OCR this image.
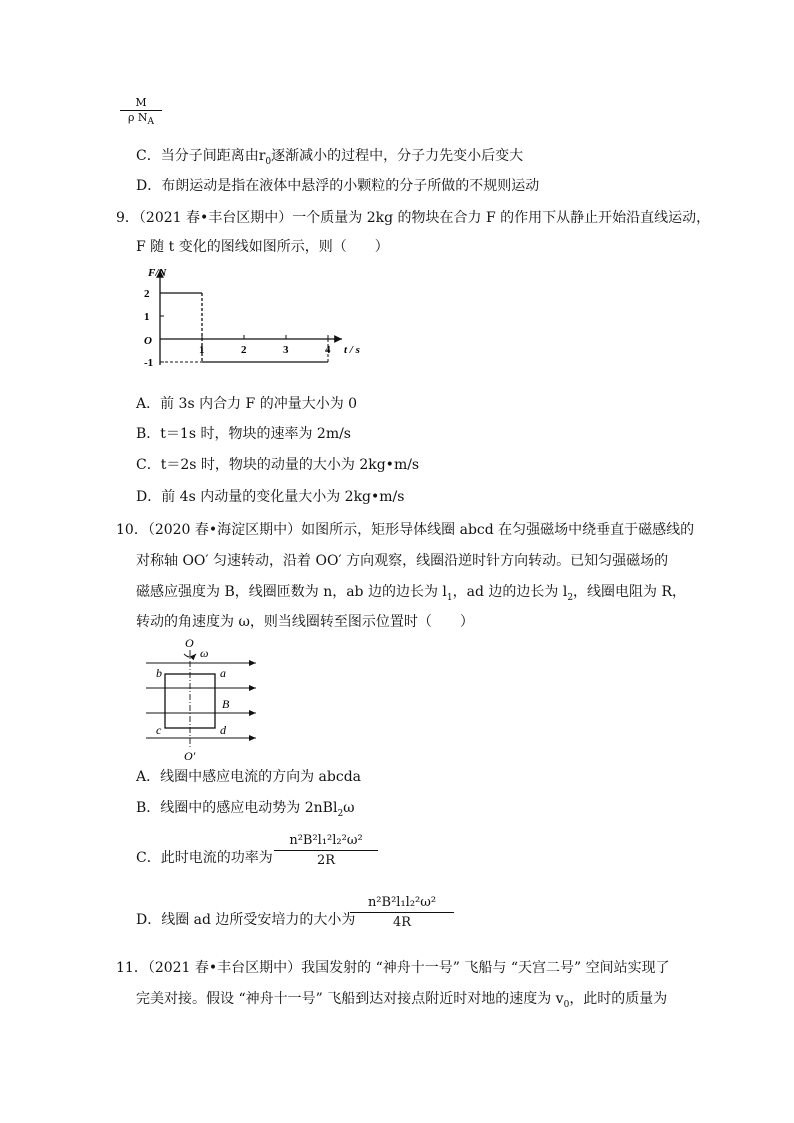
$\frac{M}{\rho N_A}$
C．当分子间距离由$r_0$逐渐减小的过程中，分子力先变小后变大
D．布朗运动是指在液体中悬浮的小颗粒的分子所做的不规则运动
9．（2021 春•丰台区期中）一个质量为 2kg 的物块在合力 F 的作用下从静止开始沿直线运动，
F 随 t 变化的图线如图所示，则（　　）
2
1
-1
1	2	3	4
O
F/N
t / s
A．前 3s 内合力 F 的冲量大小为 0
B．t＝1s 时，物块的速率为 2m/s
C．t＝2s 时，物块的动量的大小为 2kg•m/s
D．前 4s 内动量的变化量大小为 2kg•m/s
10．（2020 春•海淀区期中）如图所示，矩形导体线圈 abcd 在匀强磁场中绕垂直于磁感线的
对称轴 OO′ 匀速转动，沿着 OO′ 方向观察，线圈沿逆时针方向转动。已知匀强磁场的
磁感应强度为 B，线圈匝数为 n，ab 边的边长为 $l_1$，ad 边的边长为 $l_2$，线圈电阻为 R，
转动的角速度为 ω，则当线圈转至图示位置时（　　）
O
ω
b	a
B
c	d
O′
A．线圈中感应电流的方向为 abcda
B．线圈中的感应电动势为 2nBl$_2$ω
C．此时电流的功率为 $\frac{\text{n²B²l₁²l₂²ω²}}{2R}$
D．线圈 ad 边所受安培力的大小为
$\frac{\text{n²B²l₁l₂²ω²}}{4R}$
11．（2021 春•丰台区期中）我国发射的 “神舟十一号” 飞船与 “天宫二号” 空间站实现了
完美对接。假设 “神舟十一号” 飞船到达对接点附近时对地的速度为 $v_0$，此时的质量为
